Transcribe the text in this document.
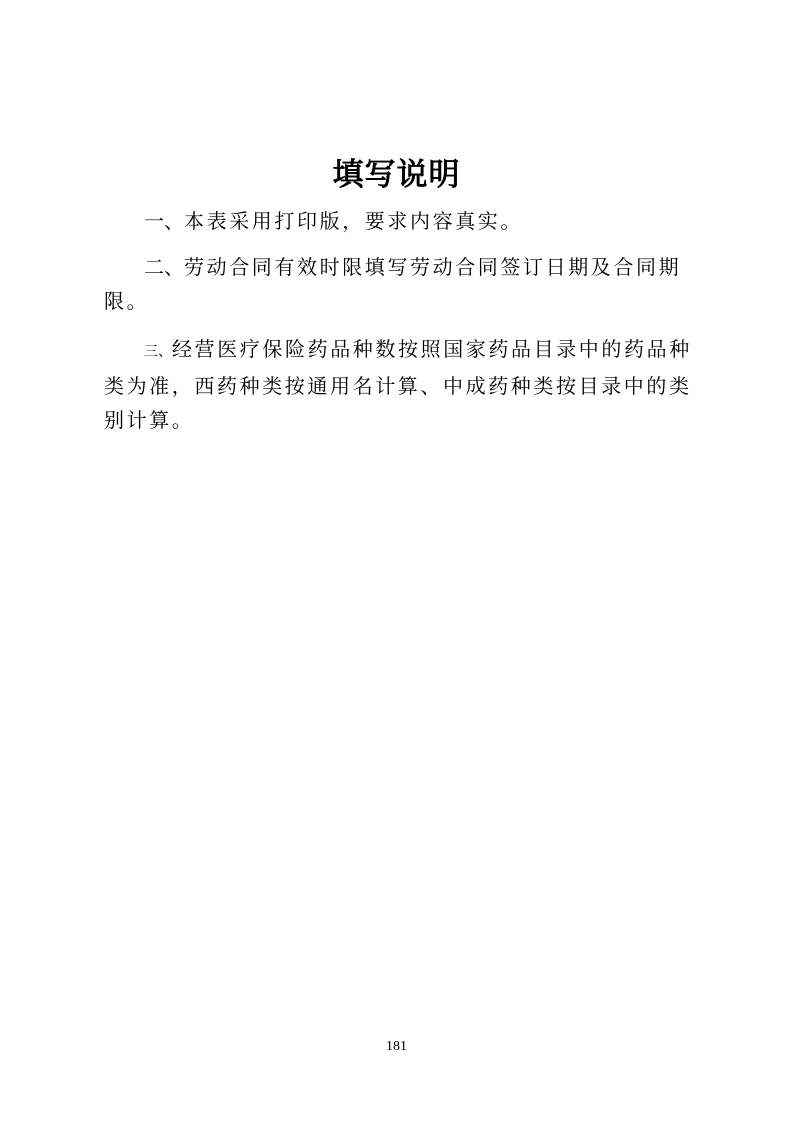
填写说明

一、本表采用打印版，要求内容真实。

二、劳动合同有效时限填写劳动合同签订日期及合同期限。

三、经营医疗保险药品种数按照国家药品目录中的药品种类为准，西药种类按通用名计算、中成药种类按目录中的类别计算。

181
